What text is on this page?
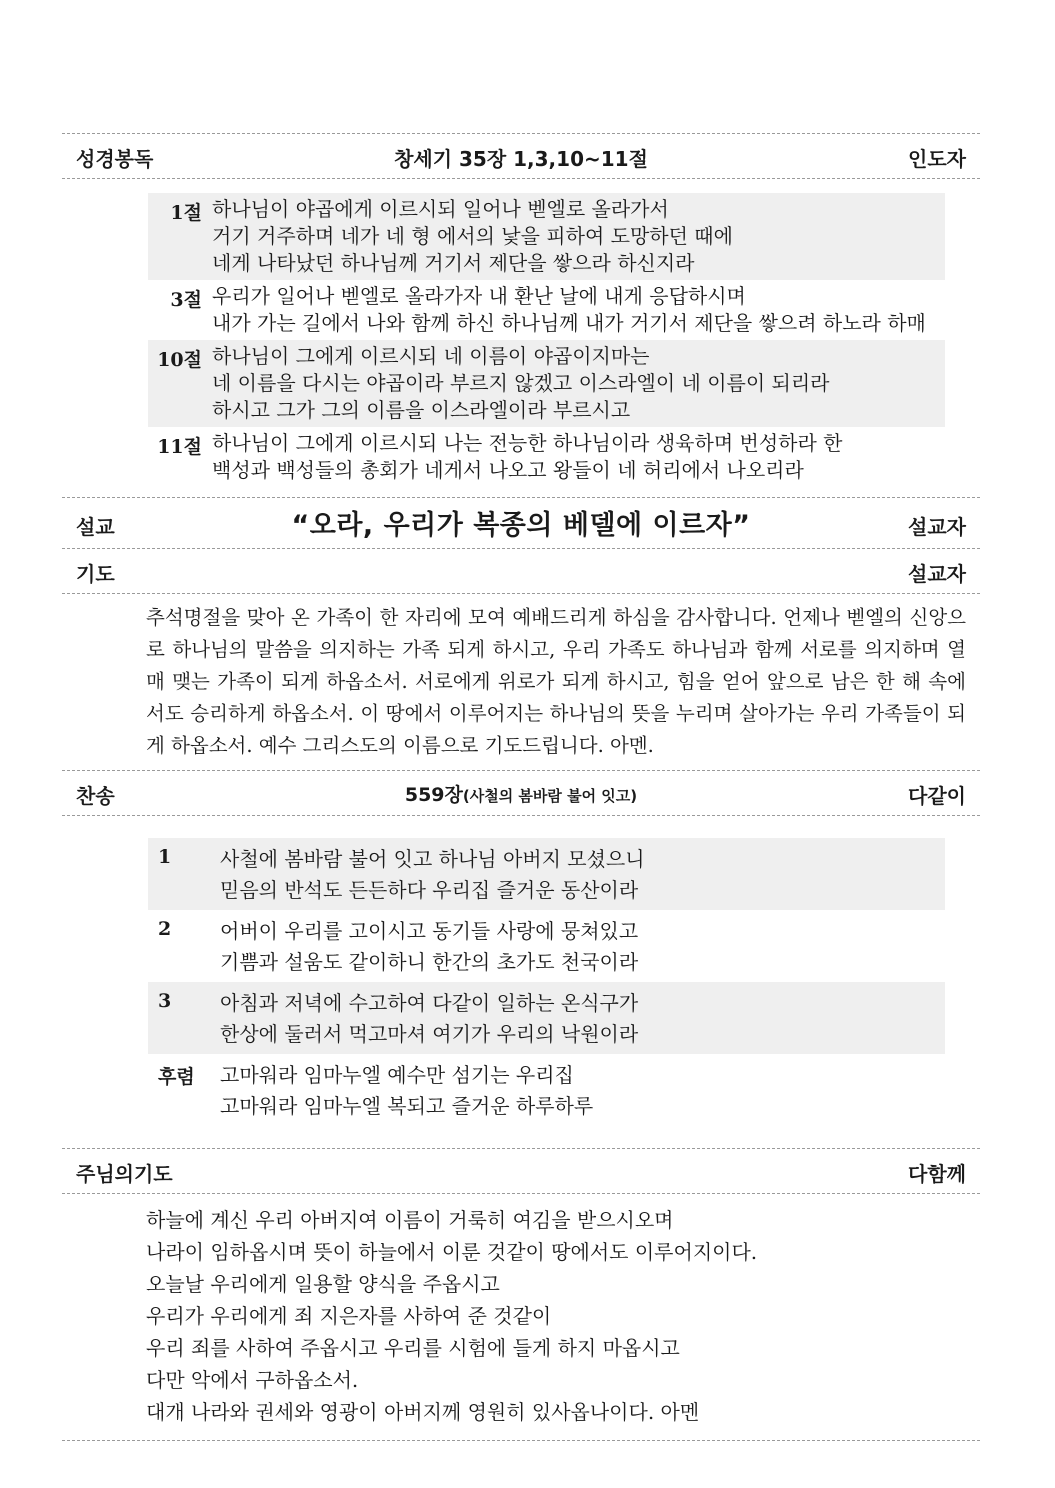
성경봉독	창세기 35장 1,3,10~11절	인도자
1절 하나님이 야곱에게 이르시되 일어나 벧엘로 올라가서
거기 거주하며 네가 네 형 에서의 낯을 피하여 도망하던 때에
네게 나타났던 하나님께 거기서 제단을 쌓으라 하신지라
3절 우리가 일어나 벧엘로 올라가자 내 환난 날에 내게 응답하시며
내가 가는 길에서 나와 함께 하신 하나님께 내가 거기서 제단을 쌓으려 하노라 하매
10절 하나님이 그에게 이르시되 네 이름이 야곱이지마는
네 이름을 다시는 야곱이라 부르지 않겠고 이스라엘이 네 이름이 되리라
하시고 그가 그의 이름을 이스라엘이라 부르시고
11절 하나님이 그에게 이르시되 나는 전능한 하나님이라 생육하며 번성하라 한
백성과 백성들의 총회가 네게서 나오고 왕들이 네 허리에서 나오리라
설교	“오라, 우리가 복종의 베델에 이르자”	설교자
기도	설교자
추석명절을 맞아 온 가족이 한 자리에 모여 예배드리게 하심을 감사합니다. 언제나 벧엘의 신앙으로 하나님의 말씀을 의지하는 가족 되게 하시고, 우리 가족도 하나님과 함께 서로를 의지하며 열매 맺는 가족이 되게 하옵소서. 서로에게 위로가 되게 하시고, 힘을 얻어 앞으로 남은 한 해 속에서도 승리하게 하옵소서. 이 땅에서 이루어지는 하나님의 뜻을 누리며 살아가는 우리 가족들이 되게 하옵소서. 예수 그리스도의 이름으로 기도드립니다. 아멘.
찬송	559장(사철의 봄바람 불어 잇고)	다같이
1	사철에 봄바람 불어 잇고 하나님 아버지 모셨으니
믿음의 반석도 든든하다 우리집 즐거운 동산이라
2	어버이 우리를 고이시고 동기들 사랑에 뭉쳐있고
기쁨과 설움도 같이하니 한간의 초가도 천국이라
3	아침과 저녁에 수고하여 다같이 일하는 온식구가
한상에 둘러서 먹고마셔 여기가 우리의 낙원이라
후렴	고마워라 임마누엘 예수만 섬기는 우리집
고마워라 임마누엘 복되고 즐거운 하루하루
주님의기도	다함께
하늘에 계신 우리 아버지여 이름이 거룩히 여김을 받으시오며
나라이 임하옵시며 뜻이 하늘에서 이룬 것같이 땅에서도 이루어지이다.
오늘날 우리에게 일용할 양식을 주옵시고
우리가 우리에게 죄 지은자를 사하여 준 것같이
우리 죄를 사하여 주옵시고 우리를 시험에 들게 하지 마옵시고
다만 악에서 구하옵소서.
대개 나라와 권세와 영광이 아버지께 영원히 있사옵나이다. 아멘
